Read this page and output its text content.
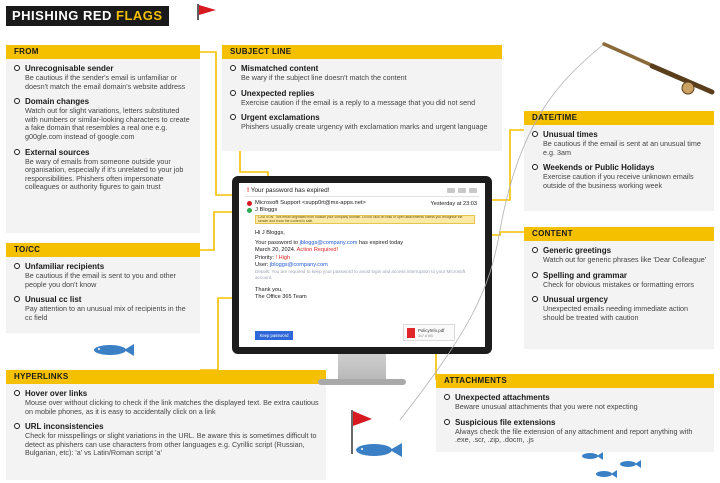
PHISHING RED FLAGS
FROM
Unrecognisable sender
Be cautious if the sender's email is unfamiliar or doesn't match the email domain's website address
Domain changes
Watch out for slight variations, letters substituted with numbers or similar-looking characters to create a fake domain that resembles a real one e.g. g00gle.com instead of google.com
External sources
Be wary of emails from someone outside your organisation, especially if it's unrelated to your job responsibilities. Phishers often impersonate colleagues or authority figures to gain trust
SUBJECT LINE
Mismatched content
Be wary if the subject line doesn't match the content
Unexpected replies
Exercise caution if the email is a reply to a message that you did not send
Urgent exclamations
Phishers usually create urgency with exclamation marks and urgent language
DATE/TIME
Unusual times
Be cautious if the email is sent at an unusual time e.g. 3am
Weekends or Public Holidays
Exercise caution if you receive unknown emails outside of the business working week
CONTENT
Generic greetings
Watch out for generic phrases like 'Dear Colleague'
Spelling and grammar
Check for obvious mistakes or formatting errors
Unusual urgency
Unexpected emails needing immediate action should be treated with caution
TO/CC
Unfamiliar recipients
Be cautious if the email is sent to you and other people you don't know
Unusual cc list
Pay attention to an unusual mix of recipients in the cc field
HYPERLINKS
Hover over links
Mouse over without clicking to check if the link matches the displayed text. Be extra cautious on mobile phones, as it is easy to accidentally click on a link
URL inconsistencies
Check for misspellings or slight variations in the URL. Be aware this is sometimes difficult to detect as phishers can use characters from other languages e.g. Cyrillic script (Russian, Bulgarian, etc): 'a' vs Latin/Roman script 'a'
ATTACHMENTS
Unexpected attachments
Beware unusual attachments that you were not expecting
Suspicious file extensions
Always check the file extension of any attachment and report anything with .exe, .scr, .zip, .docm, .js
! Your password has expired!
Microsoft Support <supp0rt@ms-apps.net>
J Bloggs
Yesterday at 23:03
CAUTION: This email originated from outside your company domain. Do not click on links or open attachments unless you recognise the sender and know the content is safe.
Hi J Bloggs,
Your password to jbloggs@company.com has expired today
March 20, 2024. Action Required!
Priority: ! High
User: jbloggs@company.com
Details: You are required to keep your password to avoid login and access interruption to your Microsoft account.
Thank you,
The Office 365 Team
Keep password
PolicyInfo.pdf
347.6 KB
